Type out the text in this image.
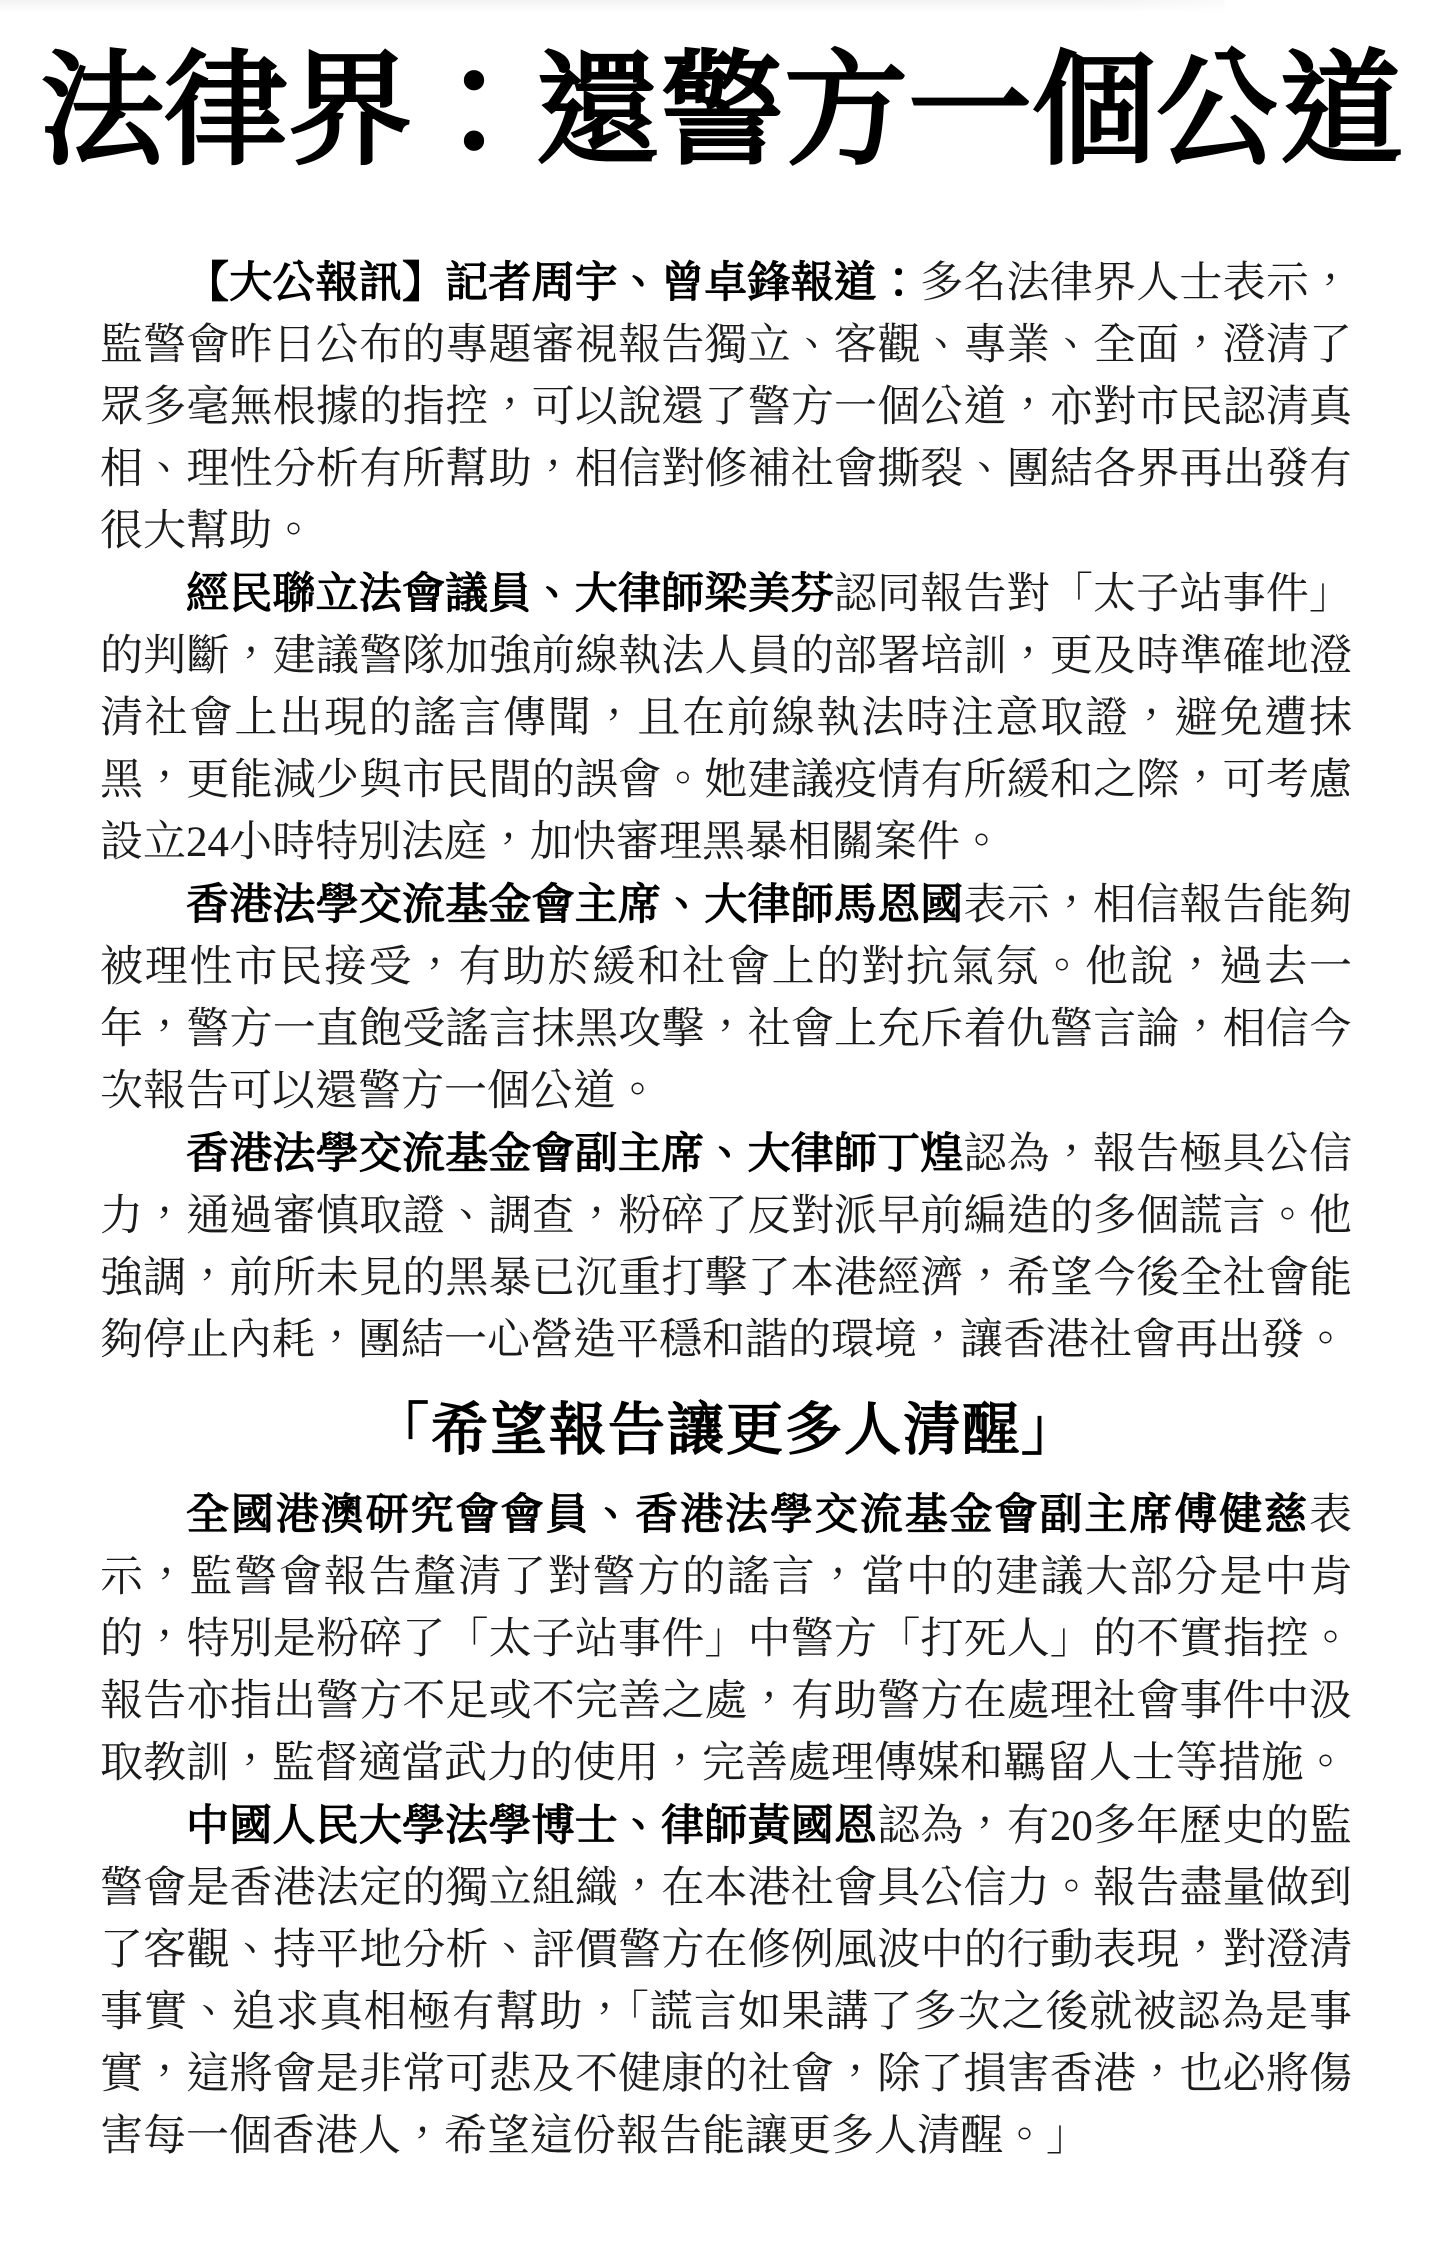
法律界：還警方一個公道

【大公報訊】記者周宇、曾卓鋒報道：多名法律界人士表示，監警會昨日公布的專題審視報告獨立、客觀、專業、全面，澄清了眾多毫無根據的指控，可以說還了警方一個公道，亦對市民認清真相、理性分析有所幫助，相信對修補社會撕裂、團結各界再出發有很大幫助。

經民聯立法會議員、大律師梁美芬認同報告對「太子站事件」的判斷，建議警隊加強前線執法人員的部署培訓，更及時準確地澄清社會上出現的謠言傳聞，且在前線執法時注意取證，避免遭抹黑，更能減少與市民間的誤會。她建議疫情有所緩和之際，可考慮設立24小時特別法庭，加快審理黑暴相關案件。

香港法學交流基金會主席、大律師馬恩國表示，相信報告能夠被理性市民接受，有助於緩和社會上的對抗氣氛。他說，過去一年，警方一直飽受謠言抹黑攻擊，社會上充斥着仇警言論，相信今次報告可以還警方一個公道。

香港法學交流基金會副主席、大律師丁煌認為，報告極具公信力，通過審慎取證、調查，粉碎了反對派早前編造的多個謊言。他強調，前所未見的黑暴已沉重打擊了本港經濟，希望今後全社會能夠停止內耗，團結一心營造平穩和諧的環境，讓香港社會再出發。

「希望報告讓更多人清醒」

全國港澳研究會會員、香港法學交流基金會副主席傅健慈表示，監警會報告釐清了對警方的謠言，當中的建議大部分是中肯的，特別是粉碎了「太子站事件」中警方「打死人」的不實指控。報告亦指出警方不足或不完善之處，有助警方在處理社會事件中汲取教訓，監督適當武力的使用，完善處理傳媒和羈留人士等措施。

中國人民大學法學博士、律師黃國恩認為，有20多年歷史的監警會是香港法定的獨立組織，在本港社會具公信力。報告盡量做到了客觀、持平地分析、評價警方在修例風波中的行動表現，對澄清事實、追求真相極有幫助，「謊言如果講了多次之後就被認為是事實，這將會是非常可悲及不健康的社會，除了損害香港，也必將傷害每一個香港人，希望這份報告能讓更多人清醒。」
